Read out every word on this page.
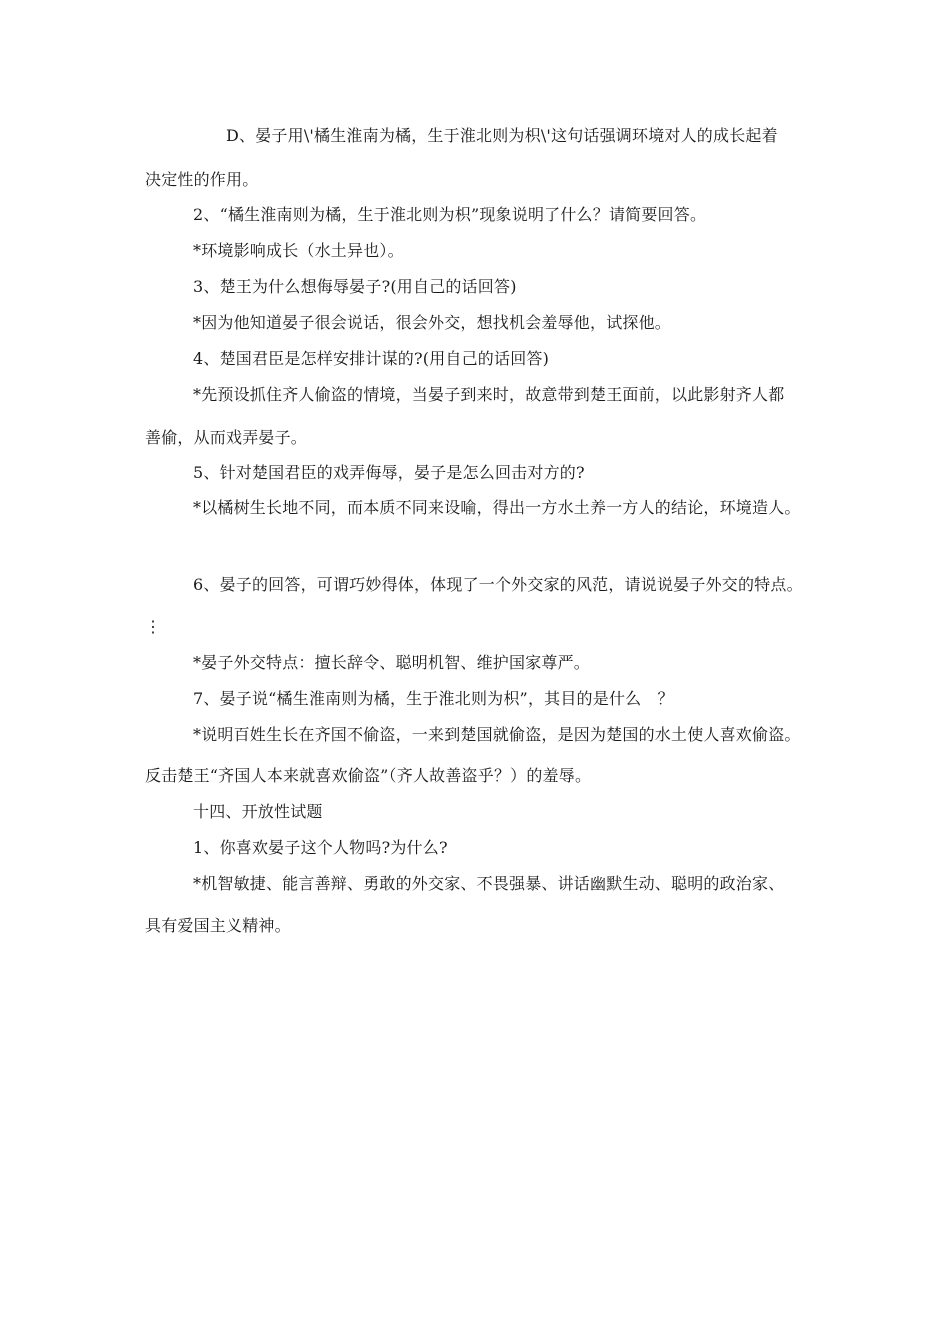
D、晏子用\'橘生淮南为橘，生于淮北则为枳\'这句话强调环境对人的成长起着
决定性的作用。
2、“橘生淮南则为橘，生于淮北则为枳”现象说明了什么？请简要回答。
*环境影响成长（水土异也）。
3、楚王为什么想侮辱晏子?(用自己的话回答)
*因为他知道晏子很会说话，很会外交，想找机会羞辱他，试探他。
4、楚国君臣是怎样安排计谋的?(用自己的话回答)
*先预设抓住齐人偷盗的情境，当晏子到来时，故意带到楚王面前，以此影射齐人都
善偷，从而戏弄晏子。
5、针对楚国君臣的戏弄侮辱，晏子是怎么回击对方的?
*以橘树生长地不同，而本质不同来设喻，得出一方水土养一方人的结论，环境造人。
6、晏子的回答，可谓巧妙得体，体现了一个外交家的风范，请说说晏子外交的特点。
⋮
*晏子外交特点：擅长辞令、聪明机智、维护国家尊严。
7、晏子说“橘生淮南则为橘，生于淮北则为枳”，其目的是什么　？
*说明百姓生长在齐国不偷盗，一来到楚国就偷盗，是因为楚国的水土使人喜欢偷盗。
反击楚王“齐国人本来就喜欢偷盗”（齐人故善盗乎？）的羞辱。
十四、开放性试题
1、你喜欢晏子这个人物吗?为什么?
*机智敏捷、能言善辩、勇敢的外交家、不畏强暴、讲话幽默生动、聪明的政治家、
具有爱国主义精神。
